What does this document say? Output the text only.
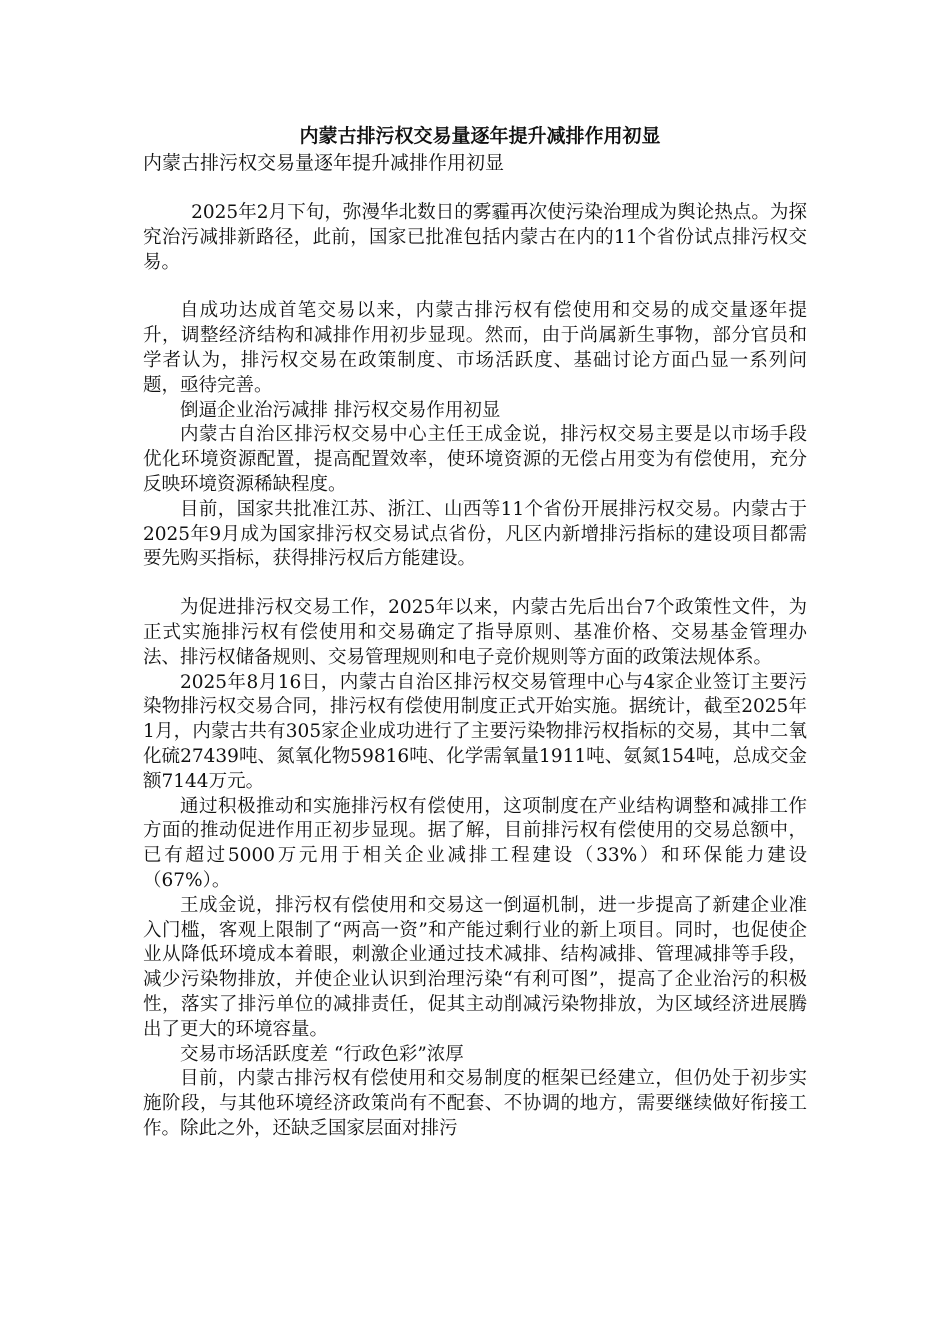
内蒙古排污权交易量逐年提升减排作用初显

内蒙古排污权交易量逐年提升减排作用初显

2025年2月下旬，弥漫华北数日的雾霾再次使污染治理成为舆论热点。为探究治污减排新路径，此前，国家已批准包括内蒙古在内的11个省份试点排污权交易。

自成功达成首笔交易以来，内蒙古排污权有偿使用和交易的成交量逐年提升，调整经济结构和减排作用初步显现。然而，由于尚属新生事物，部分官员和学者认为，排污权交易在政策制度、市场活跃度、基础讨论方面凸显一系列问题，亟待完善。

倒逼企业治污减排 排污权交易作用初显

内蒙古自治区排污权交易中心主任王成金说，排污权交易主要是以市场手段优化环境资源配置，提高配置效率，使环境资源的无偿占用变为有偿使用，充分反映环境资源稀缺程度。

目前，国家共批准江苏、浙江、山西等11个省份开展排污权交易。内蒙古于2025年9月成为国家排污权交易试点省份，凡区内新增排污指标的建设项目都需要先购买指标，获得排污权后方能建设。

为促进排污权交易工作，2025年以来，内蒙古先后出台7个政策性文件，为正式实施排污权有偿使用和交易确定了指导原则、基准价格、交易基金管理办法、排污权储备规则、交易管理规则和电子竞价规则等方面的政策法规体系。

2025年8月16日，内蒙古自治区排污权交易管理中心与4家企业签订主要污染物排污权交易合同，排污权有偿使用制度正式开始实施。据统计，截至2025年1月，内蒙古共有305家企业成功进行了主要污染物排污权指标的交易，其中二氧化硫27439吨、氮氧化物59816吨、化学需氧量1911吨、氨氮154吨，总成交金额7144万元。

通过积极推动和实施排污权有偿使用，这项制度在产业结构调整和减排工作方面的推动促进作用正初步显现。据了解，目前排污权有偿使用的交易总额中，已有超过5000万元用于相关企业减排工程建设（33%）和环保能力建设（67%）。

王成金说，排污权有偿使用和交易这一倒逼机制，进一步提高了新建企业准入门槛，客观上限制了“两高一资”和产能过剩行业的新上项目。同时，也促使企业从降低环境成本着眼，刺激企业通过技术减排、结构减排、管理减排等手段，减少污染物排放，并使企业认识到治理污染“有利可图”，提高了企业治污的积极性，落实了排污单位的减排责任，促其主动削减污染物排放，为区域经济进展腾出了更大的环境容量。

交易市场活跃度差 “行政色彩”浓厚

目前，内蒙古排污权有偿使用和交易制度的框架已经建立，但仍处于初步实施阶段，与其他环境经济政策尚有不配套、不协调的地方，需要继续做好衔接工作。除此之外，还缺乏国家层面对排污
